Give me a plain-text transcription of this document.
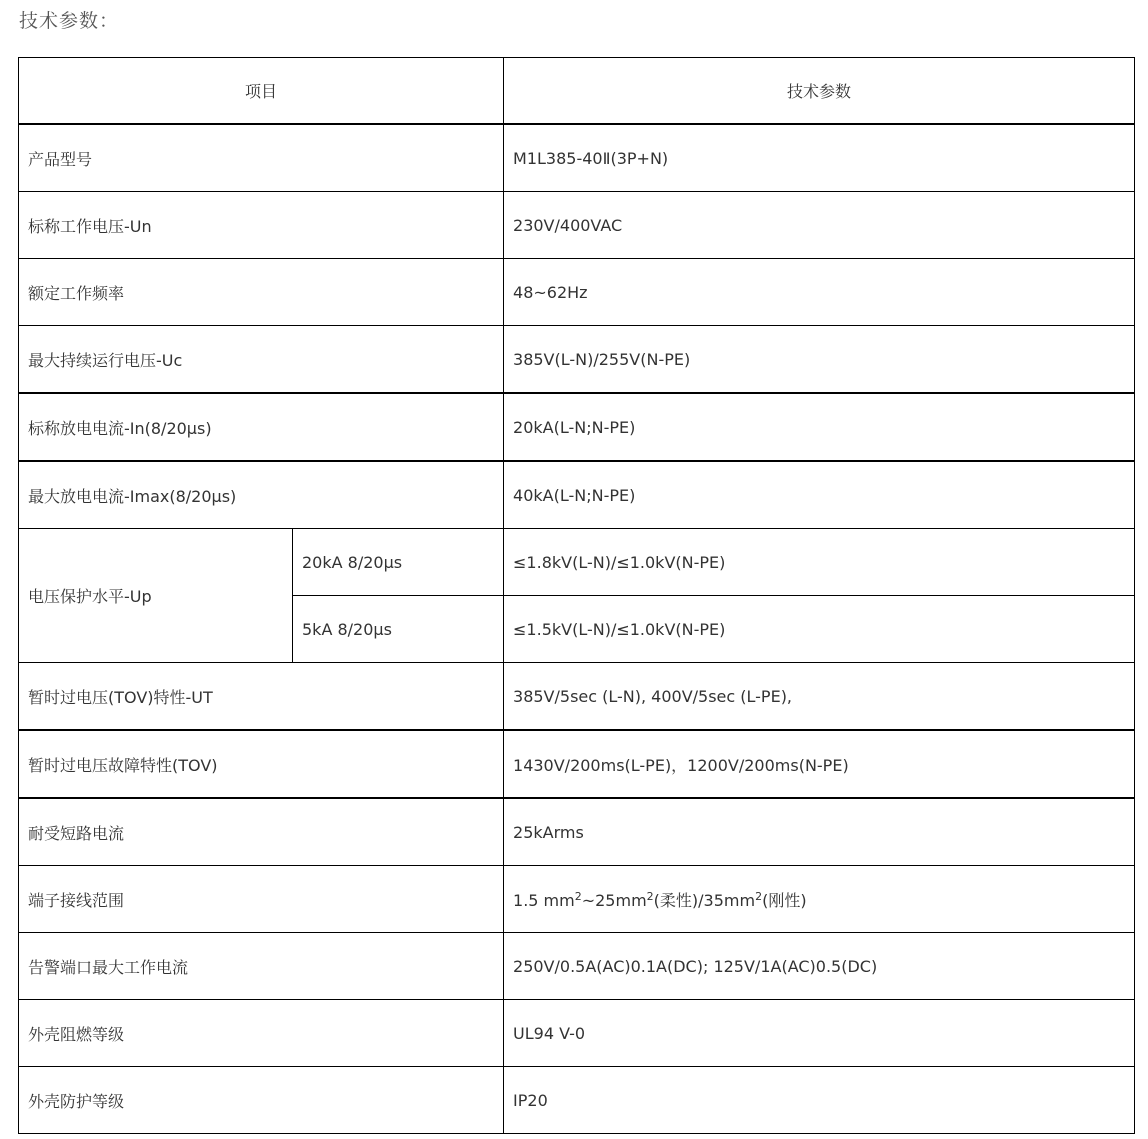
技术参数：
项目		技术参数
产品型号		M1L385-40Ⅱ(3P+N)
标称工作电压-Un		230V/400VAC
额定工作频率		48~62Hz
最大持续运行电压-Uc		385V(L-N)/255V(N-PE)
标称放电电流-In(8/20μs)		20kA(L-N;N-PE)
最大放电电流-Imax(8/20μs)		40kA(L-N;N-PE)
电压保护水平-Up	20kA 8/20μs	≤1.8kV(L-N)/≤1.0kV(N-PE)
	5kA 8/20μs	≤1.5kV(L-N)/≤1.0kV(N-PE)
暂时过电压(TOV)特性-UT		385V/5sec (L-N), 400V/5sec (L-PE),
暂时过电压故障特性(TOV)		1430V/200ms(L-PE)，1200V/200ms(N-PE)
耐受短路电流		25kArms
端子接线范围		1.5 $mm^2\sim 25mm^2$(柔性)$/35mm^2$(刚性)
告警端口最大工作电流		250V/0.5A(AC)0.1A(DC); 125V/1A(AC)0.5(DC)
外壳阻燃等级		UL94 V-0
外壳防护等级		IP20
